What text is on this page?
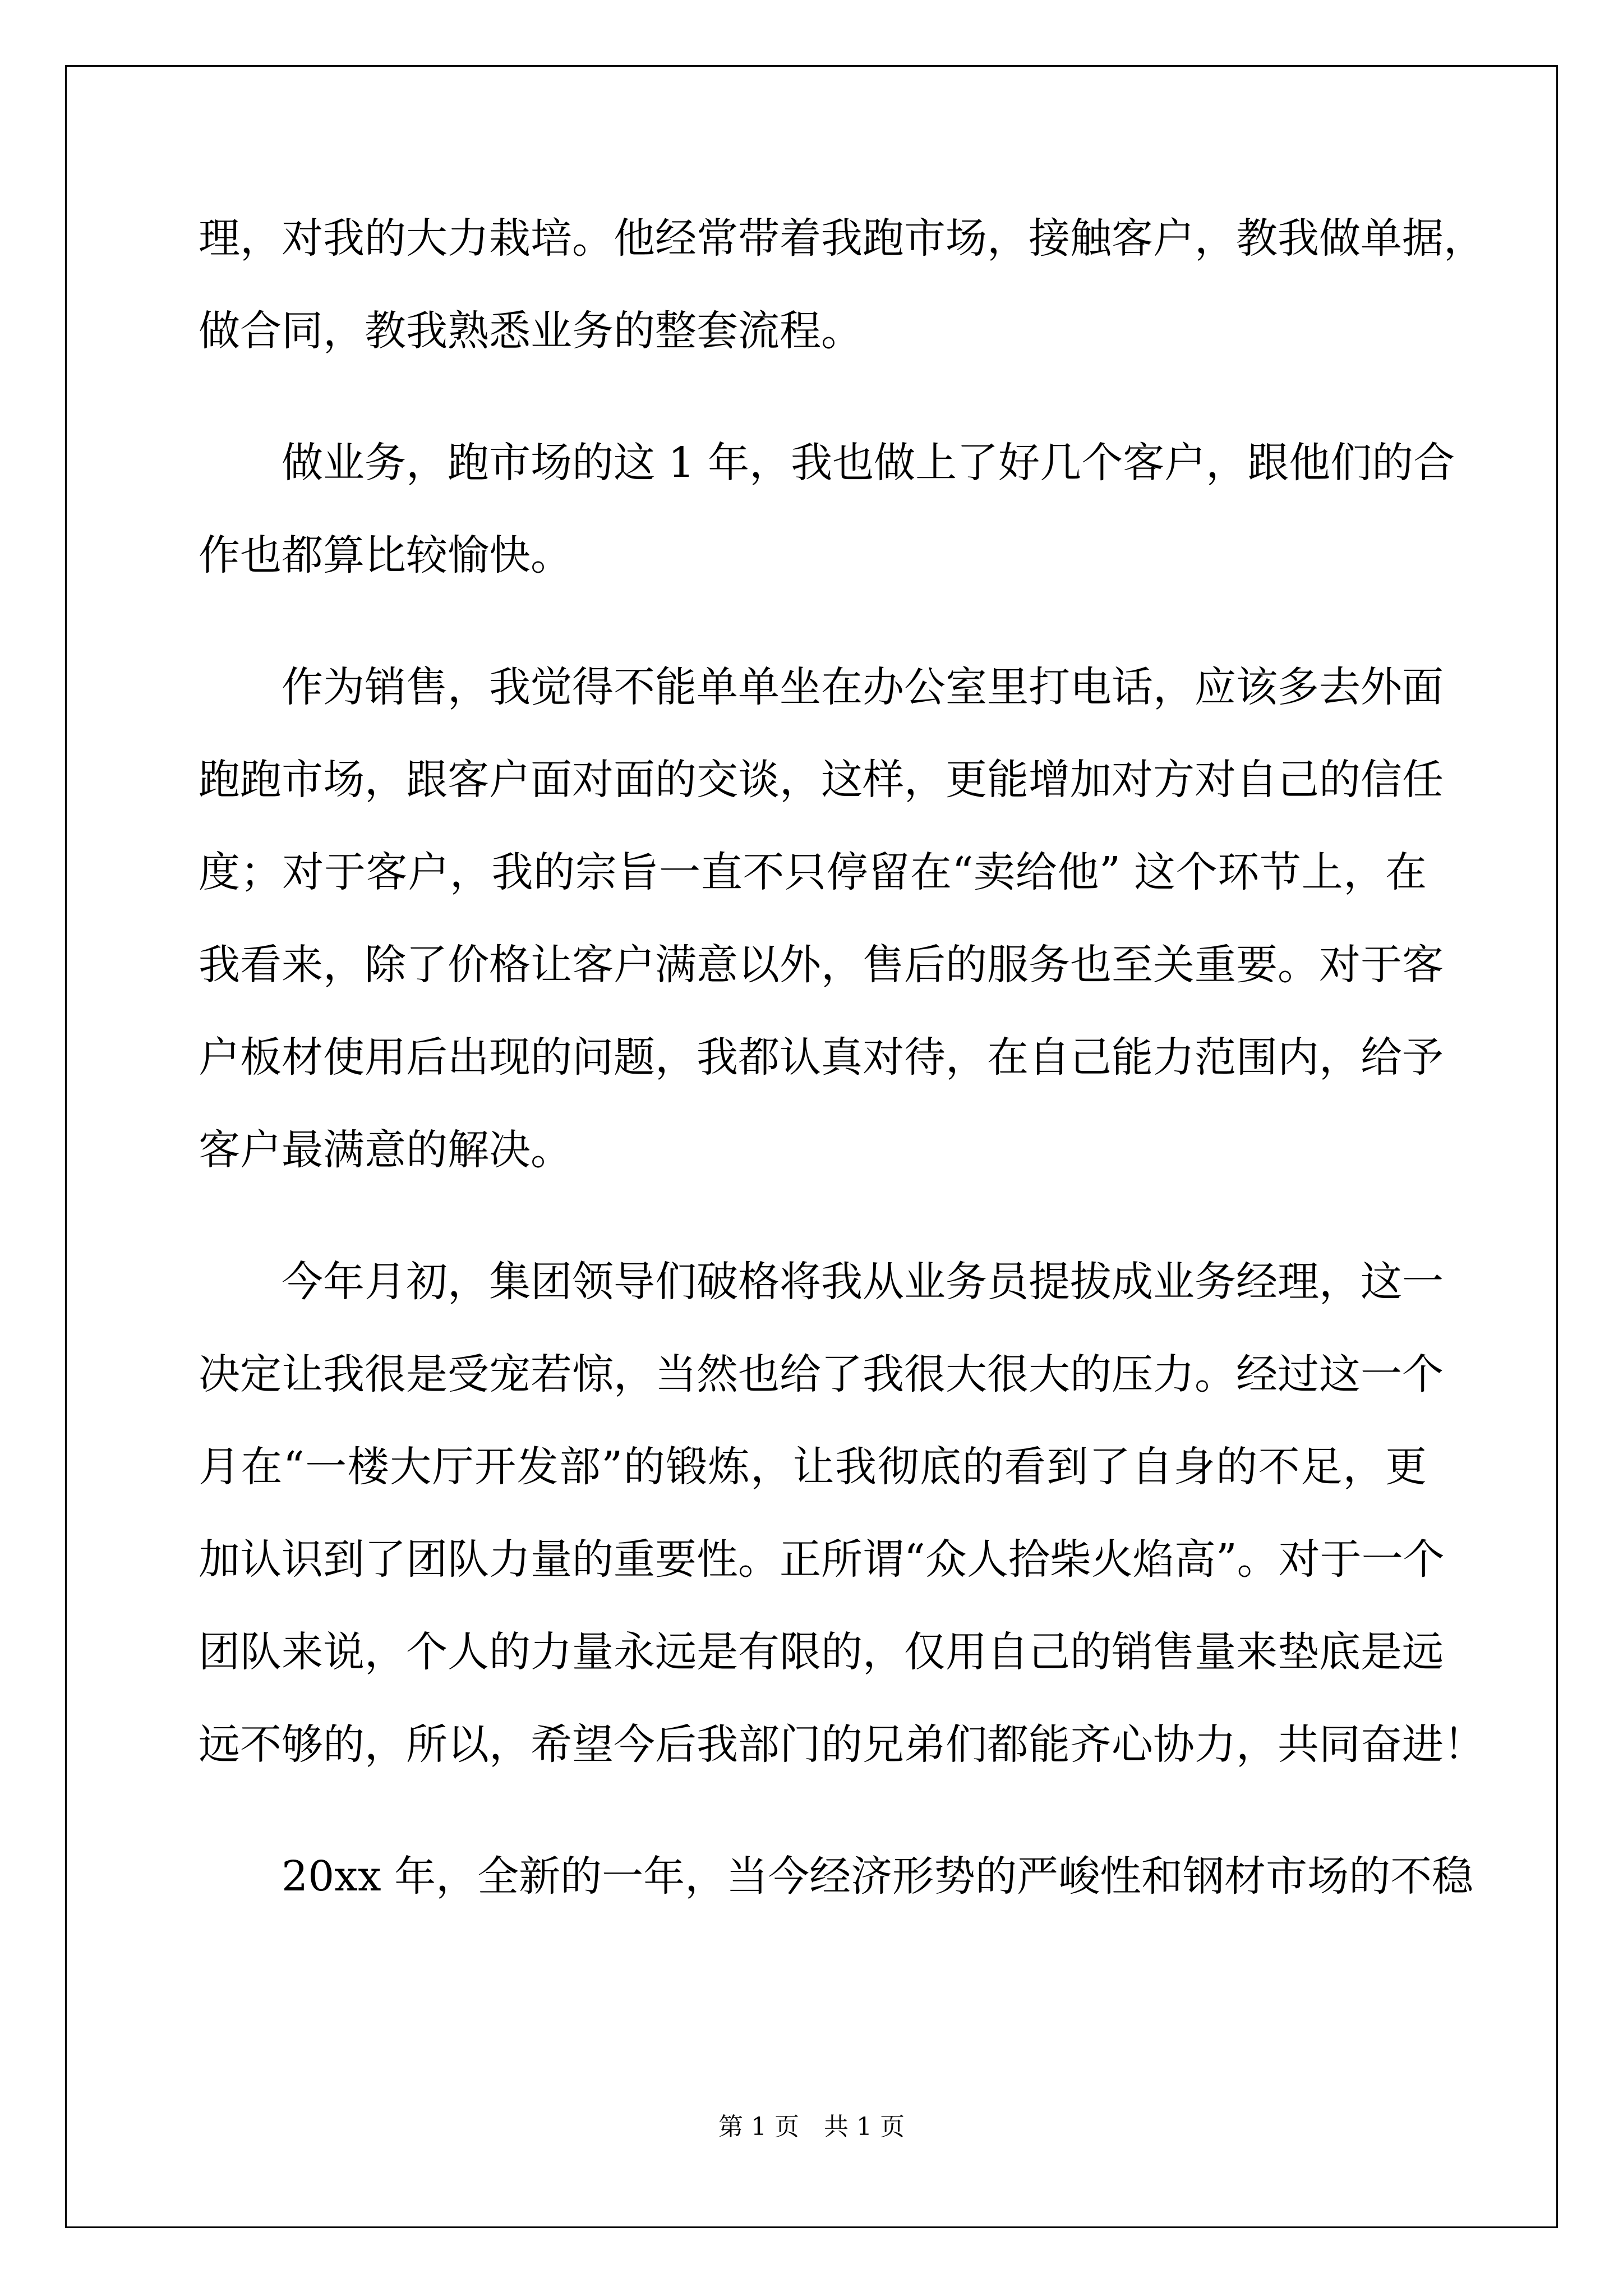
理，对我的大力栽培。他经常带着我跑市场，接触客户，教我做单据，
做合同，教我熟悉业务的整套流程。
做业务，跑市场的这 1 年，我也做上了好几个客户，跟他们的合
作也都算比较愉快。
作为销售，我觉得不能单单坐在办公室里打电话，应该多去外面
跑跑市场，跟客户面对面的交谈，这样，更能增加对方对自己的信任
度；对于客户，我的宗旨一直不只停留在“卖给他” 这个环节上，在
我看来，除了价格让客户满意以外，售后的服务也至关重要。对于客
户板材使用后出现的问题，我都认真对待，在自己能力范围内，给予
客户最满意的解决。
今年月初，集团领导们破格将我从业务员提拔成业务经理，这一
决定让我很是受宠若惊，当然也给了我很大很大的压力。经过这一个
月在“一楼大厅开发部”的锻炼，让我彻底的看到了自身的不足，更
加认识到了团队力量的重要性。正所谓“众人拾柴火焰高”。对于一个
团队来说，个人的力量永远是有限的，仅用自己的销售量来垫底是远
远不够的，所以，希望今后我部门的兄弟们都能齐心协力，共同奋进！
20xx 年，全新的一年，当今经济形势的严峻性和钢材市场的不稳
第 1 页　共 1 页
